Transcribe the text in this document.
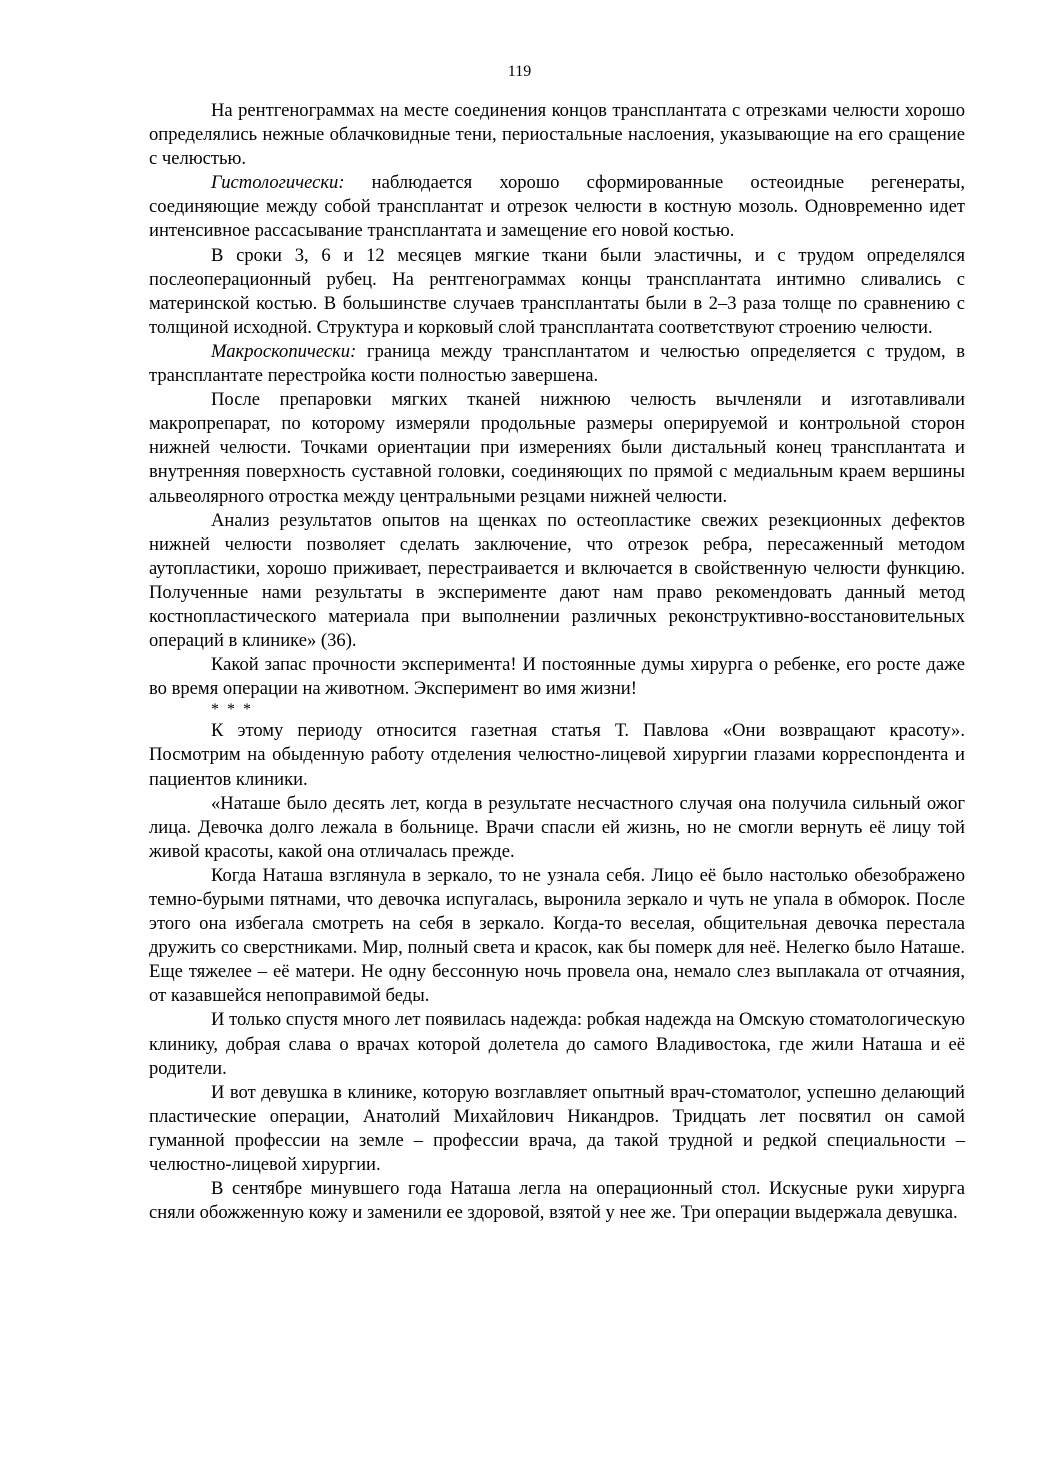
119

На рентгенограммах на месте соединения концов трансплантата с отрезками челюсти хорошо определялись нежные облачковидные тени, периостальные наслоения, указывающие на его сращение с челюстью.

Гистологически: наблюдается хорошо сформированные остеоидные регенераты, соединяющие между собой трансплантат и отрезок челюсти в костную мозоль. Одновременно идет интенсивное рассасывание трансплантата и замещение его новой костью.

В сроки 3, 6 и 12 месяцев мягкие ткани были эластичны, и с трудом определялся послеоперационный рубец. На рентгенограммах концы трансплантата интимно сливались с материнской костью. В большинстве случаев трансплантаты были в 2–3 раза толще по сравнению с толщиной исходной. Структура и корковый слой трансплантата соответствуют строению челюсти.

Макроскопически: граница между трансплантатом и челюстью определяется с трудом, в трансплантате перестройка кости полностью завершена.

После препаровки мягких тканей нижнюю челюсть вычленяли и изготавливали макропрепарат, по которому измеряли продольные размеры оперируемой и контрольной сторон нижней челюсти. Точками ориентации при измерениях были дистальный конец трансплантата и внутренняя поверхность суставной головки, соединяющих по прямой с медиальным краем вершины альвеолярного отростка между центральными резцами нижней челюсти.

Анализ результатов опытов на щенках по остеопластике свежих резекционных дефектов нижней челюсти позволяет сделать заключение, что отрезок ребра, пересаженный методом аутопластики, хорошо приживает, перестраивается и включается в свойственную челюсти функцию. Полученные нами результаты в эксперименте дают нам право рекомендовать данный метод костнопластического материала при выполнении различных реконструктивно-восстановительных операций в клинике» (36).

Какой запас прочности эксперимента! И постоянные думы хирурга о ребенке, его росте даже во время операции на животном. Эксперимент во имя жизни!

* * *

К этому периоду относится газетная статья Т. Павлова «Они возвращают красоту». Посмотрим на обыденную работу отделения челюстно-лицевой хирургии глазами корреспондента и пациентов клиники.

«Наташе было десять лет, когда в результате несчастного случая она получила сильный ожог лица. Девочка долго лежала в больнице. Врачи спасли ей жизнь, но не смогли вернуть её лицу той живой красоты, какой она отличалась прежде.

Когда Наташа взглянула в зеркало, то не узнала себя. Лицо её было настолько обезображено темно-бурыми пятнами, что девочка испугалась, выронила зеркало и чуть не упала в обморок. После этого она избегала смотреть на себя в зеркало. Когда-то веселая, общительная девочка перестала дружить со сверстниками. Мир, полный света и красок, как бы померк для неё. Нелегко было Наташе. Еще тяжелее – её матери. Не одну бессонную ночь провела она, немало слез выплакала от отчаяния, от казавшейся непоправимой беды.

И только спустя много лет появилась надежда: робкая надежда на Омскую стоматологическую клинику, добрая слава о врачах которой долетела до самого Владивостока, где жили Наташа и её родители.

И вот девушка в клинике, которую возглавляет опытный врач-стоматолог, успешно делающий пластические операции, Анатолий Михайлович Никандров. Тридцать лет посвятил он самой гуманной профессии на земле – профессии врача, да такой трудной и редкой специальности – челюстно-лицевой хирургии.

В сентябре минувшего года Наташа легла на операционный стол. Искусные руки хирурга сняли обожженную кожу и заменили ее здоровой, взятой у нее же. Три операции выдержала девушка.
